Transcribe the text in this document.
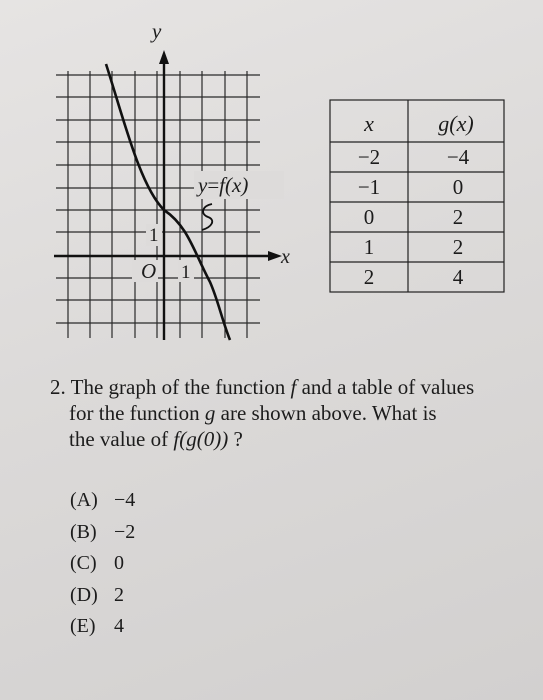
y
x
y=f(x)
O 1
1
x	g(x)
−2	−4
−1	0
0	2
1	2
2	4
2. The graph of the function f and a table of values
for the function g are shown above. What is
the value of f(g(0)) ?
(A) −4
(B) −2
(C) 0
(D) 2
(E) 4
